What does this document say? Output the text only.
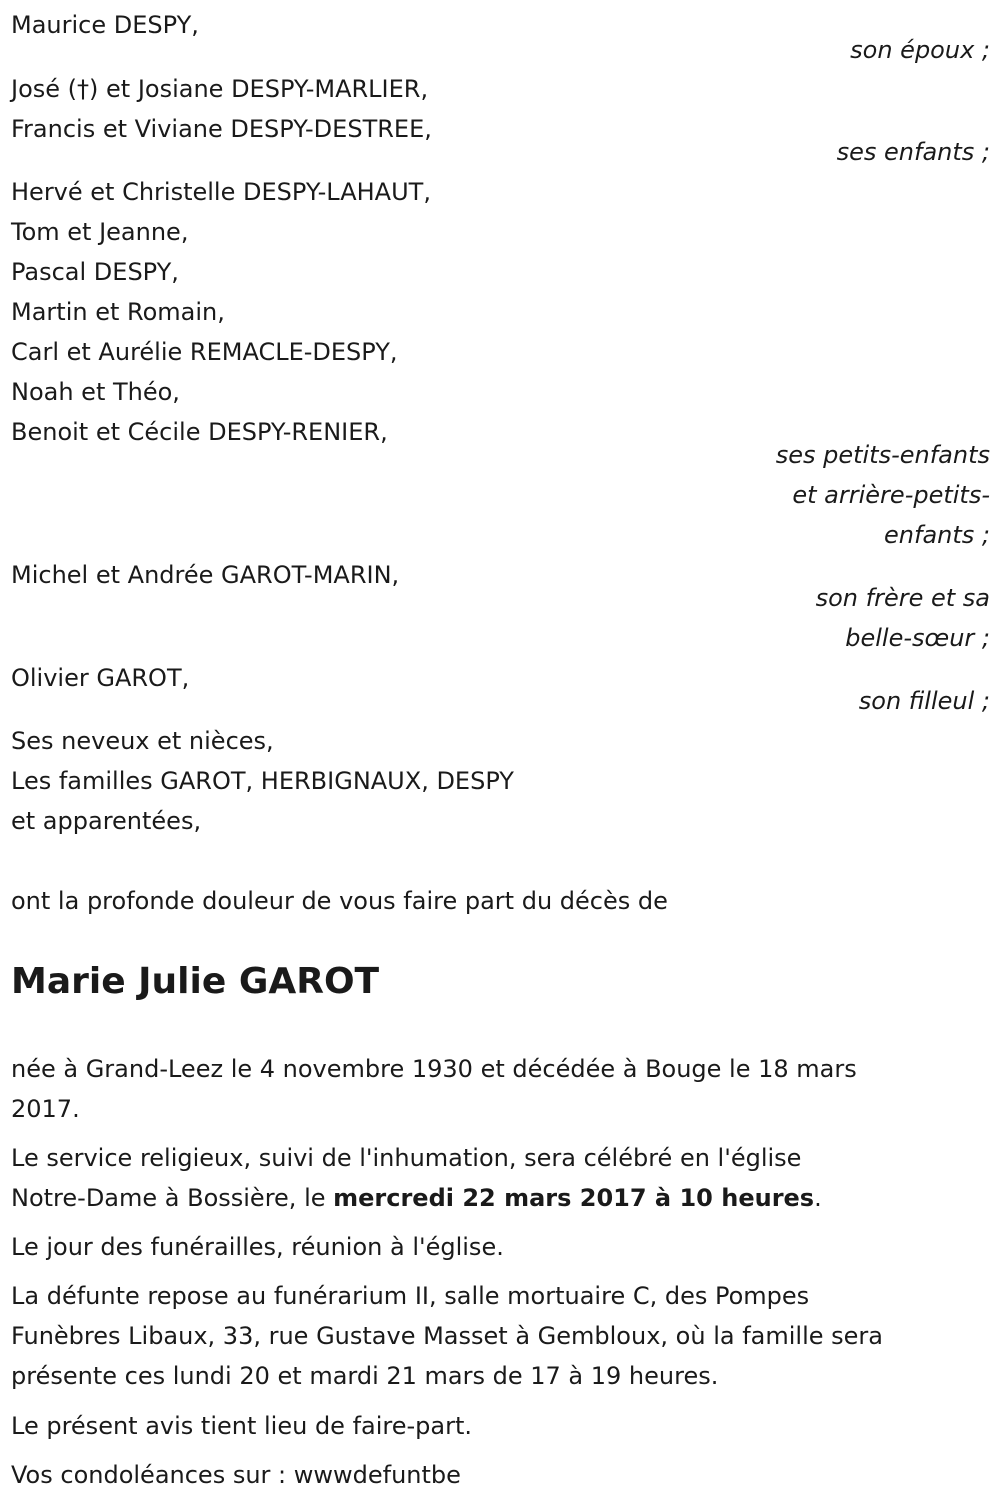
Maurice DESPY,

son époux ;

José (†) et Josiane DESPY-MARLIER,

Francis et Viviane DESPY-DESTREE,

ses enfants ;

Hervé et Christelle DESPY-LAHAUT,

Tom et Jeanne,

Pascal DESPY,

Martin et Romain,

Carl et Aurélie REMACLE-DESPY,

Noah et Théo,

Benoit et Cécile DESPY-RENIER,

ses petits-enfants

et arrière-petits-

enfants ;

Michel et Andrée GAROT-MARIN,

son frère et sa

belle-sœur ;

Olivier GAROT,

son filleul ;

Ses neveux et nièces,

Les familles GAROT, HERBIGNAUX, DESPY

et apparentées,

ont la profonde douleur de vous faire part du décès de

Marie Julie GAROT

née à Grand-Leez le 4 novembre 1930 et décédée à Bouge le 18 mars

2017.

Le service religieux, suivi de l'inhumation, sera célébré en l'église

Notre-Dame à Bossière, le mercredi 22 mars 2017 à 10 heures.

Le jour des funérailles, réunion à l'église.

La défunte repose au funérarium II, salle mortuaire C, des Pompes

Funèbres Libaux, 33, rue Gustave Masset à Gembloux, où la famille sera

présente ces lundi 20 et mardi 21 mars de 17 à 19 heures.

Le présent avis tient lieu de faire-part.

Vos condoléances sur : wwwdefuntbe
